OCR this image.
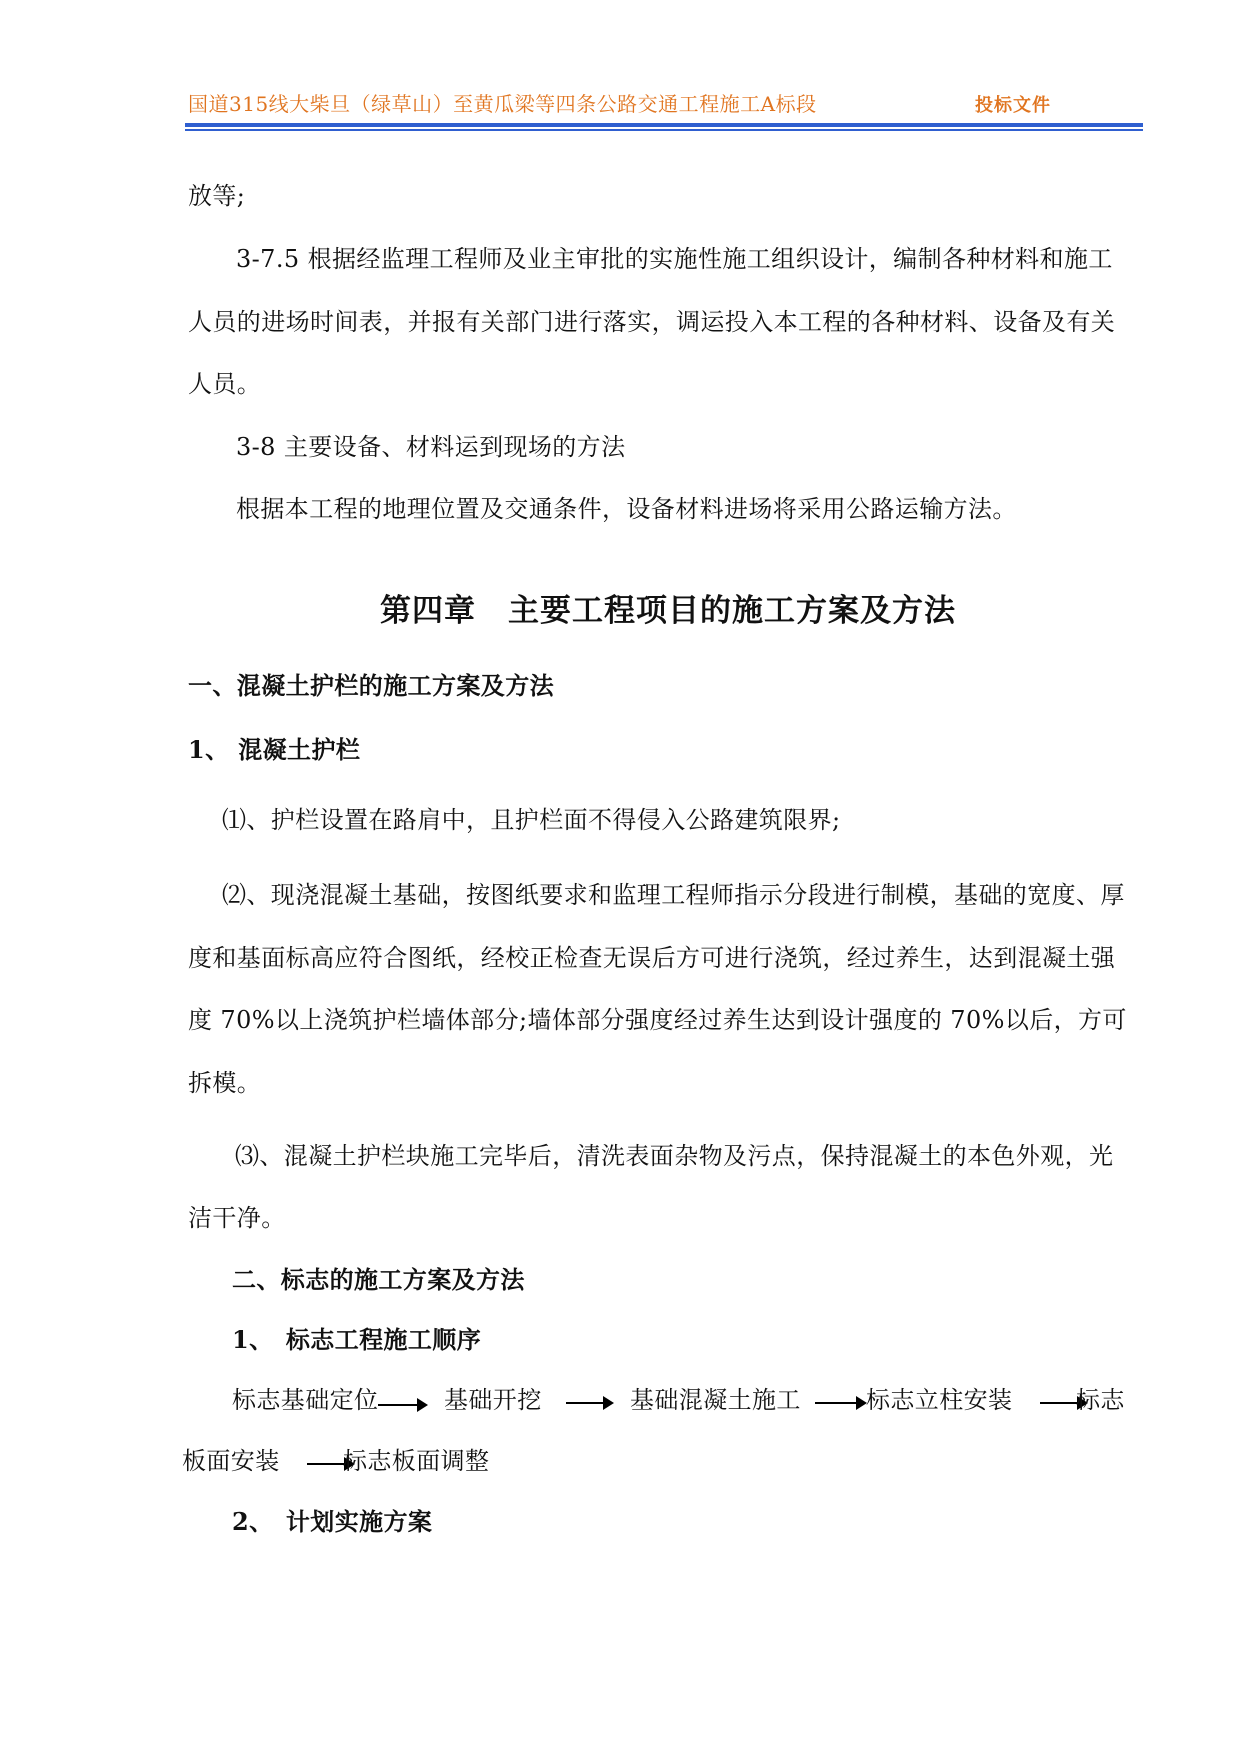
国道315线大柴旦（绿草山）至黄瓜梁等四条公路交通工程施工A标段	投标文件
放等;
3-7.5 根据经监理工程师及业主审批的实施性施工组织设计，编制各种材料和施工
人员的进场时间表，并报有关部门进行落实，调运投入本工程的各种材料、设备及有关
人员。
3-8 主要设备、材料运到现场的方法
根据本工程的地理位置及交通条件，设备材料进场将采用公路运输方法。
第四章　主要工程项目的施工方案及方法
一、混凝土护栏的施工方案及方法
1、 混凝土护栏
⑴、护栏设置在路肩中，且护栏面不得侵入公路建筑限界;
⑵、现浇混凝土基础，按图纸要求和监理工程师指示分段进行制模，基础的宽度、厚
度和基面标高应符合图纸，经校正检查无误后方可进行浇筑，经过养生，达到混凝土强
度 70%以上浇筑护栏墙体部分;墙体部分强度经过养生达到设计强度的 70%以后，方可
拆模。
⑶、混凝土护栏块施工完毕后，清洗表面杂物及污点，保持混凝土的本色外观，光
洁干净。
二、标志的施工方案及方法
1、　标志工程施工顺序
标志基础定位	基础开挖	基础混凝土施工	标志立柱安装	标志
板面安装	标志板面调整
2、　计划实施方案
